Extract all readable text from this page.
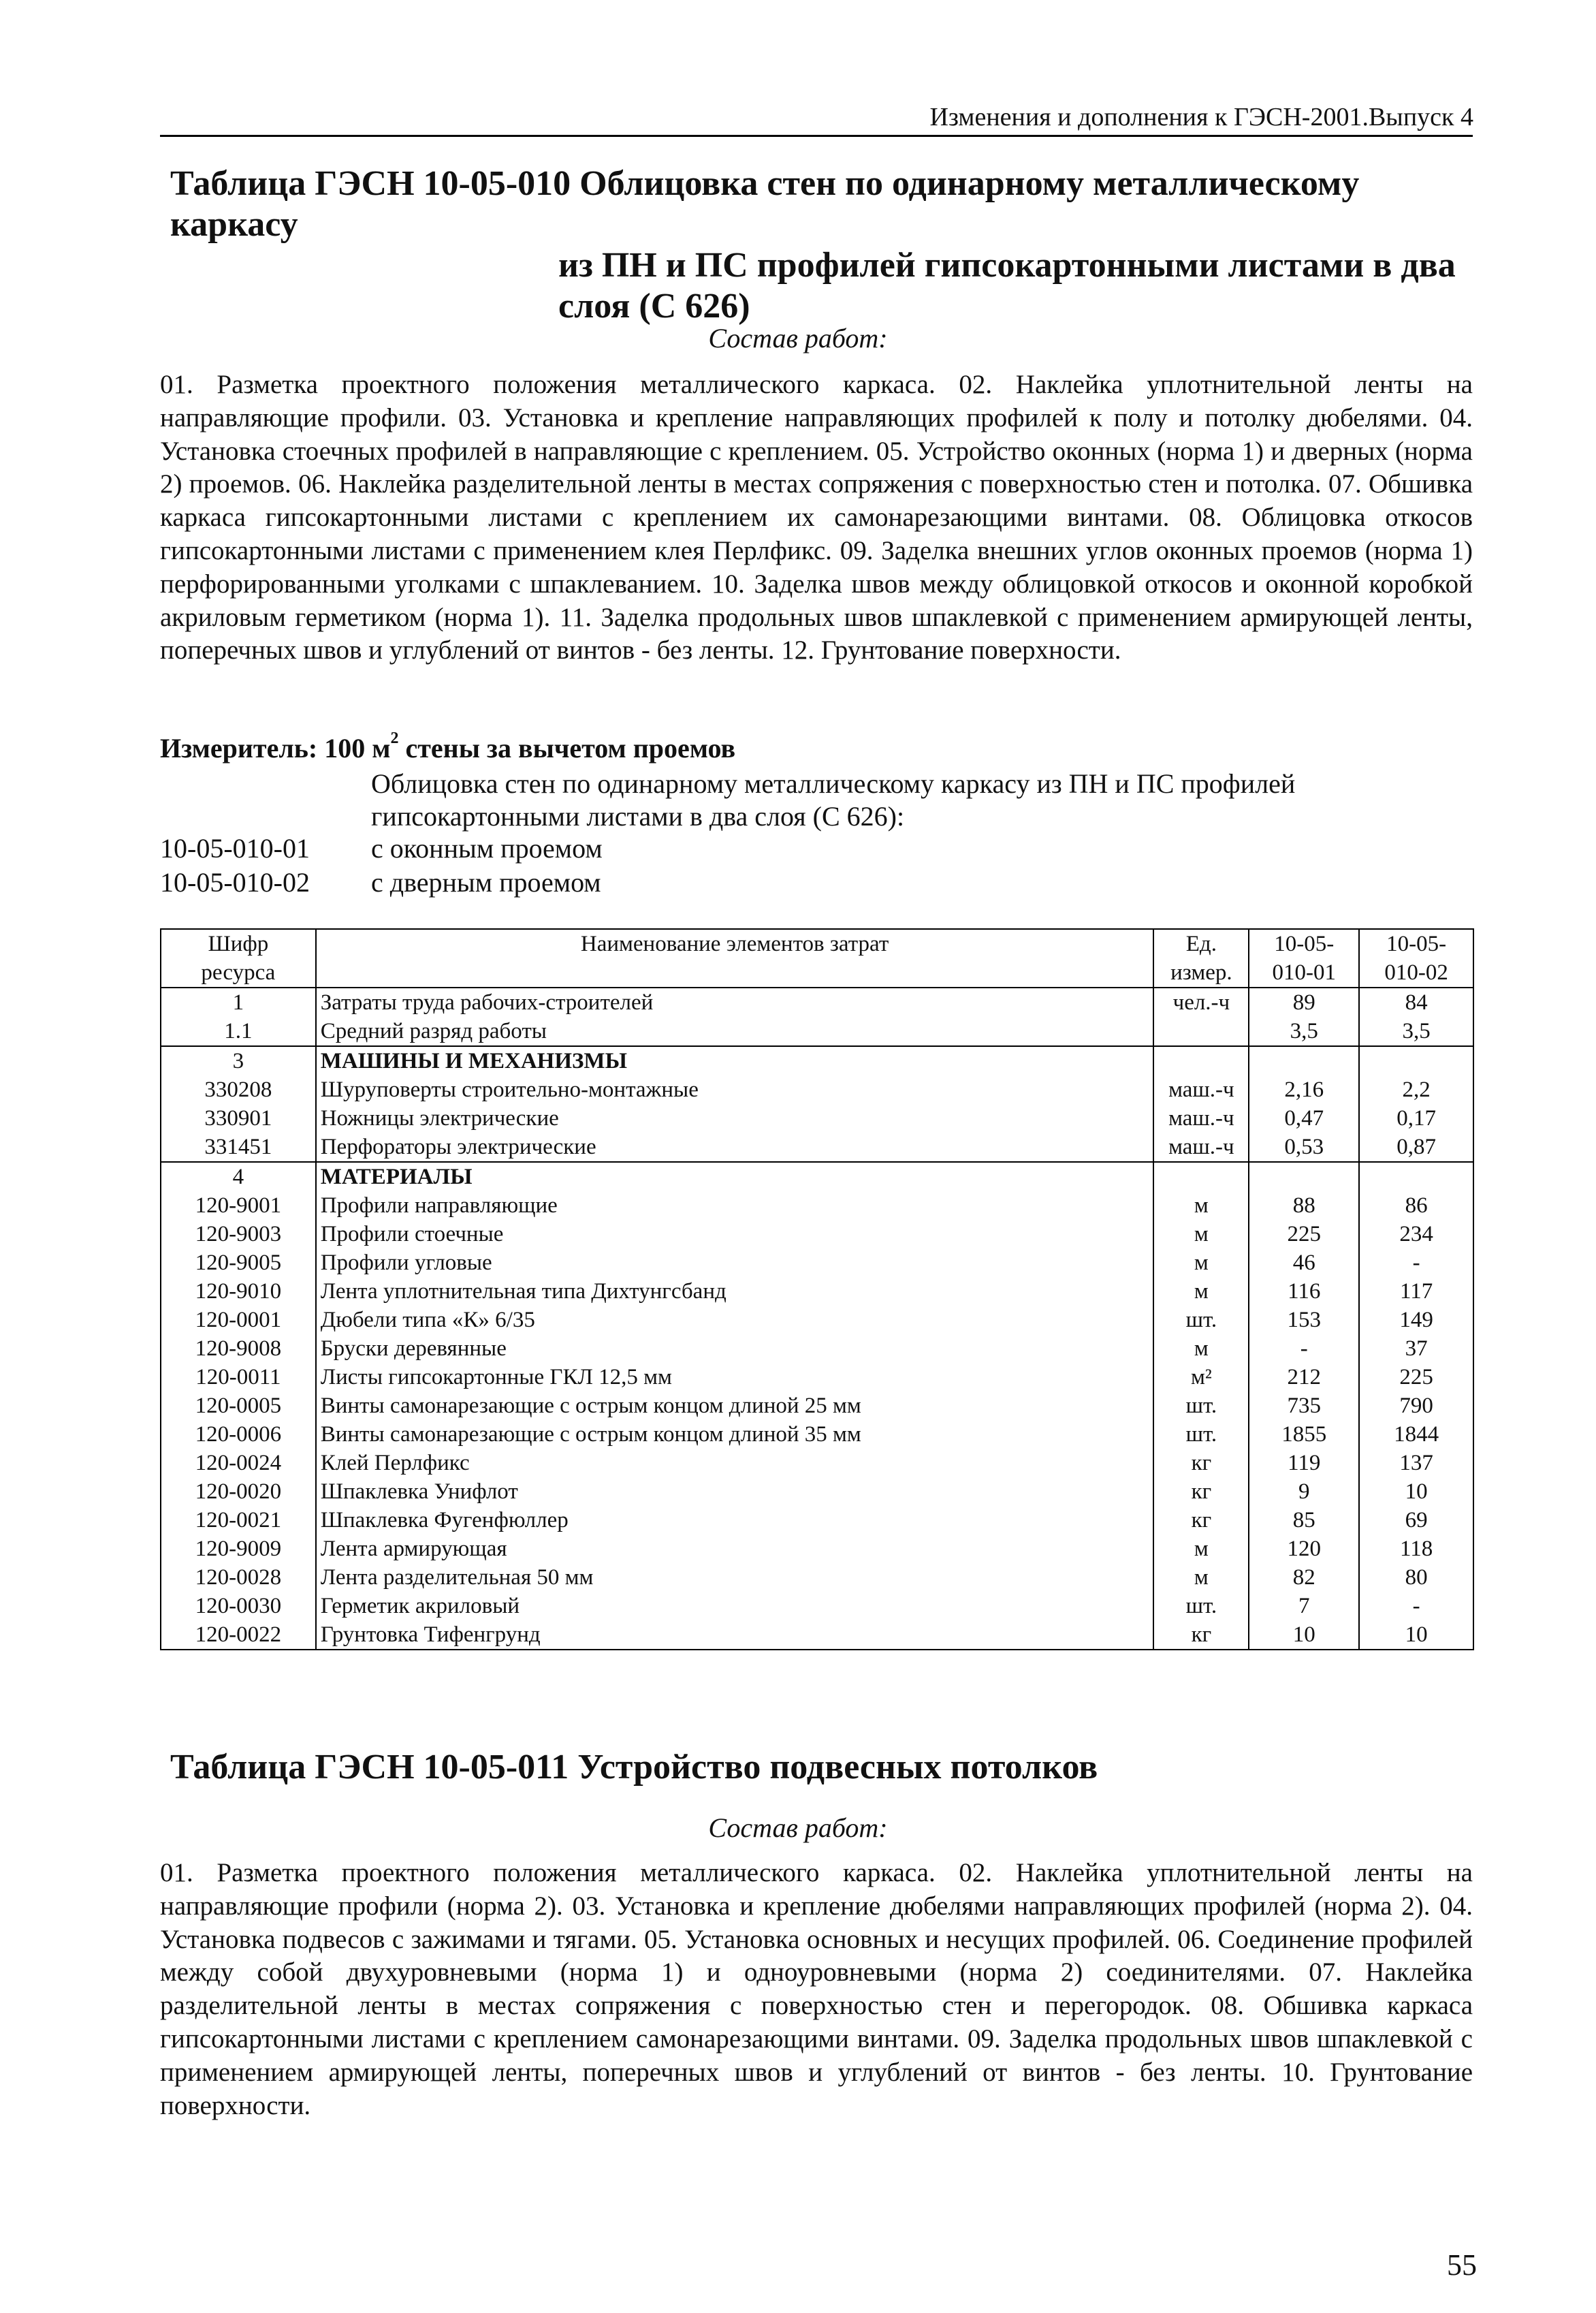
Изменения и дополнения к ГЭСН-2001.Выпуск 4
Таблица ГЭСН 10-05-010 Облицовка стен по одинарному металлическому каркасу
из ПН и ПС профилей гипсокартонными листами в два
слоя (С 626)
Состав работ:
01. Разметка проектного положения металлического каркаса. 02. Наклейка уплотнительной ленты на направляющие профили. 03. Установка и крепление направляющих профилей к полу и потолку дюбелями. 04. Установка стоечных профилей в направляющие с креплением. 05. Устройство оконных (норма 1) и дверных (норма 2) проемов. 06. Наклейка разделительной ленты в местах сопряжения с поверхностью стен и потолка. 07. Обшивка каркаса гипсокартонными листами с креплением их самонарезающими винтами. 08. Облицовка откосов гипсокартонными листами с применением клея Перлфикс. 09. Заделка внешних углов оконных проемов (норма 1) перфорированными уголками с шпаклеванием. 10. Заделка швов между облицовкой откосов и оконной коробкой акриловым герметиком (норма 1). 11. Заделка продольных швов шпаклевкой с применением армирующей ленты, поперечных швов и углублений от винтов - без ленты. 12. Грунтование поверхности.
Измеритель: 100 $м^2$ стены за вычетом проемов
Облицовка стен по одинарному металлическому каркасу из ПН и ПС профилей
гипсокартонными листами в два слоя (С 626):
10-05-010-01 с оконным проемом
10-05-010-02 с дверным проемом
Шифр	Наименование элементов затрат	Ед.	10-05-	10-05-
ресурса		измер.	010-01	010-02
1	Затраты труда рабочих-строителей	чел.-ч	89	84
1.1	Средний разряд работы		3,5	3,5
3	МАШИНЫ И МЕХАНИЗМЫ			
330208	Шуруповерты строительно-монтажные	маш.-ч	2,16	2,2
330901	Ножницы электрические	маш.-ч	0,47	0,17
331451	Перфораторы электрические	маш.-ч	0,53	0,87
4	МАТЕРИАЛЫ			
120-9001	Профили направляющие	м	88	86
120-9003	Профили стоечные	м	225	234
120-9005	Профили угловые	м	46	-
120-9010	Лента уплотнительная типа Дихтунгсбанд	м	116	117
120-0001	Дюбели типа «К» 6/35	шт.	153	149
120-9008	Бруски деревянные	м	-	37
120-0011	Листы гипсокартонные ГКЛ 12,5 мм	м²	212	225
120-0005	Винты самонарезающие с острым концом длиной 25 мм	шт.	735	790
120-0006	Винты самонарезающие с острым концом длиной 35 мм	шт.	1855	1844
120-0024	Клей Перлфикс	кг	119	137
120-0020	Шпаклевка Унифлот	кг	9	10
120-0021	Шпаклевка Фугенфюллер	кг	85	69
120-9009	Лента армирующая	м	120	118
120-0028	Лента разделительная 50 мм	м	82	80
120-0030	Герметик акриловый	шт.	7	-
120-0022	Грунтовка Тифенгрунд	кг	10	10
Таблица ГЭСН 10-05-011 Устройство подвесных потолков
Состав работ:
01. Разметка проектного положения металлического каркаса. 02. Наклейка уплотнительной ленты на направляющие профили (норма 2). 03. Установка и крепление дюбелями направляющих профилей (норма 2). 04. Установка подвесов с зажимами и тягами. 05. Установка основных и несущих профилей. 06. Соединение профилей между собой двухуровневыми (норма 1) и одноуровневыми (норма 2) соединителями. 07. Наклейка разделительной ленты в местах сопряжения с поверхностью стен и перегородок. 08. Обшивка каркаса гипсокартонными листами с креплением самонарезающими винтами. 09. Заделка продольных швов шпаклевкой с применением армирующей ленты, поперечных швов и углублений от винтов - без ленты. 10. Грунтование поверхности.
55
